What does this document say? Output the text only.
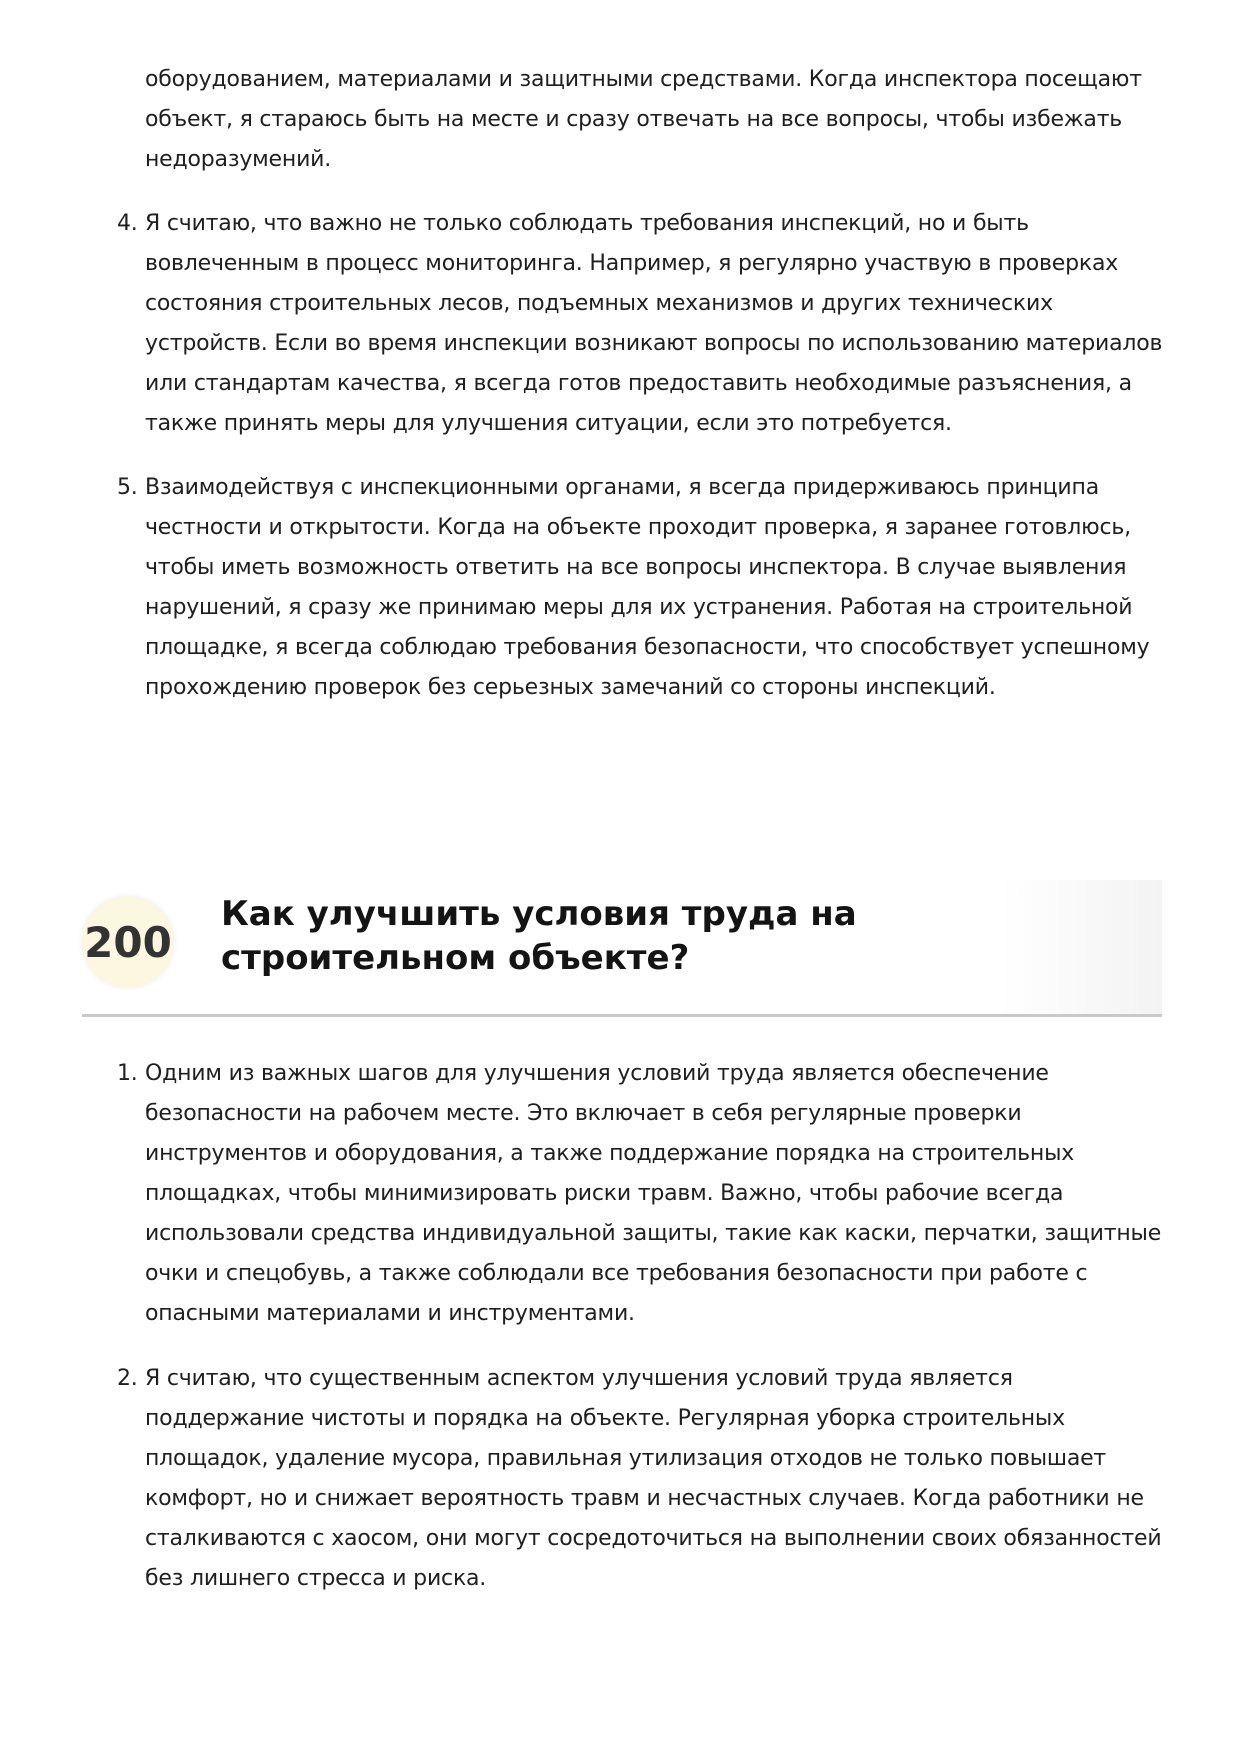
оборудованием, материалами и защитными средствами. Когда инспектора посещают объект, я стараюсь быть на месте и сразу отвечать на все вопросы, чтобы избежать недоразумений.

4. Я считаю, что важно не только соблюдать требования инспекций, но и быть вовлеченным в процесс мониторинга. Например, я регулярно участвую в проверках состояния строительных лесов, подъемных механизмов и других технических устройств. Если во время инспекции возникают вопросы по использованию материалов или стандартам качества, я всегда готов предоставить необходимые разъяснения, а также принять меры для улучшения ситуации, если это потребуется.
5. Взаимодействуя с инспекционными органами, я всегда придерживаюсь принципа честности и открытости. Когда на объекте проходит проверка, я заранее готовлюсь, чтобы иметь возможность ответить на все вопросы инспектора. В случае выявления нарушений, я сразу же принимаю меры для их устранения. Работая на строительной площадке, я всегда соблюдаю требования безопасности, что способствует успешному прохождению проверок без серьезных замечаний со стороны инспекций.
200
Как улучшить условия труда на строительном объекте?
1. Одним из важных шагов для улучшения условий труда является обеспечение безопасности на рабочем месте. Это включает в себя регулярные проверки инструментов и оборудования, а также поддержание порядка на строительных площадках, чтобы минимизировать риски травм. Важно, чтобы рабочие всегда использовали средства индивидуальной защиты, такие как каски, перчатки, защитные очки и спецобувь, а также соблюдали все требования безопасности при работе с опасными материалами и инструментами.
2. Я считаю, что существенным аспектом улучшения условий труда является поддержание чистоты и порядка на объекте. Регулярная уборка строительных площадок, удаление мусора, правильная утилизация отходов не только повышает комфорт, но и снижает вероятность травм и несчастных случаев. Когда работники не сталкиваются с хаосом, они могут сосредоточиться на выполнении своих обязанностей без лишнего стресса и риска.
